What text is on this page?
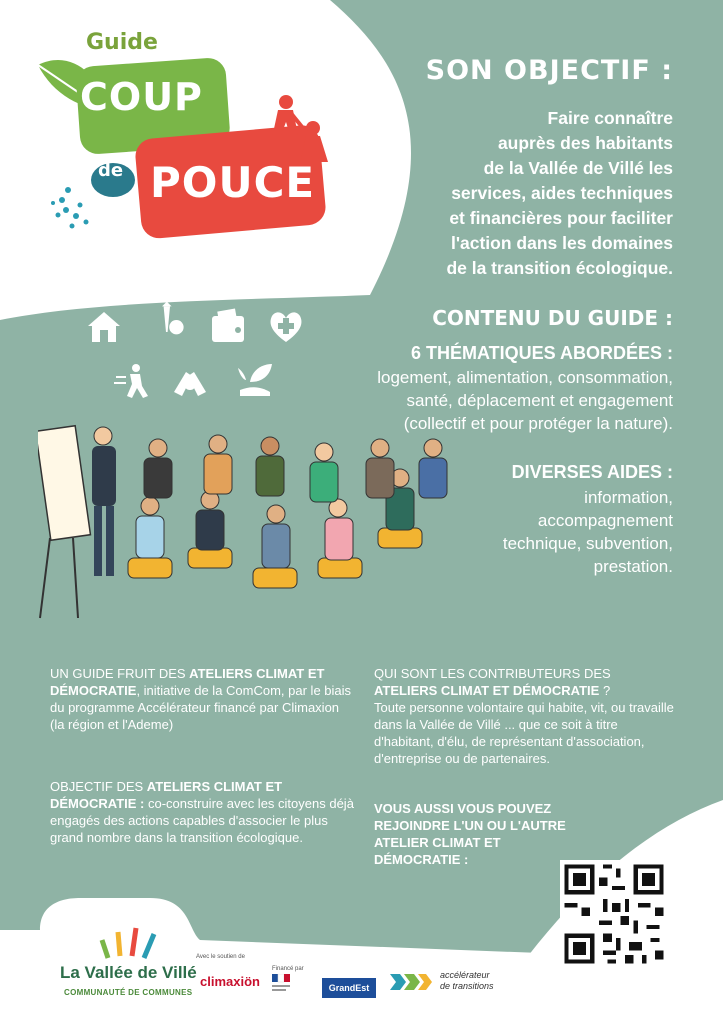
Guide
COUP
de POUCE
SON OBJECTIF :
Faire connaître
auprès des habitants
de la Vallée de Villé les
services, aides techniques
et financières pour faciliter
l'action dans les domaines
de la transition écologique.
CONTENU DU GUIDE :
6 THÉMATIQUES ABORDÉES :
logement, alimentation, consommation,
santé, déplacement et engagement
(collectif et pour protéger la nature).
DIVERSES AIDES :
information,
accompagnement
technique, subvention,
prestation.
UN GUIDE FRUIT DES ATELIERS CLIMAT ET DÉMOCRATIE, initiative de la ComCom, par le biais du programme Accélérateur financé par Climaxion (la région et l'Ademe)
OBJECTIF DES ATELIERS CLIMAT ET DÉMOCRATIE : co-construire avec les citoyens déjà engagés des actions capables d'associer le plus grand nombre dans la transition écologique.
QUI SONT LES CONTRIBUTEURS DES ATELIERS CLIMAT ET DÉMOCRATIE ?
Toute personne volontaire qui habite, vit, ou travaille dans la Vallée de Villé ... que ce soit à titre d'habitant, d'élu, de représentant d'association, d'entreprise ou de partenaires.
VOUS AUSSI VOUS POUVEZ REJOINDRE L'UN OU L'AUTRE ATELIER CLIMAT ET DÉMOCRATIE :
La Vallée de Villé
COMMUNAUTÉ DE COMMUNES
Avec le soutien de
climaxiön
Financé par
GrandEst
accélérateur
de transitions
